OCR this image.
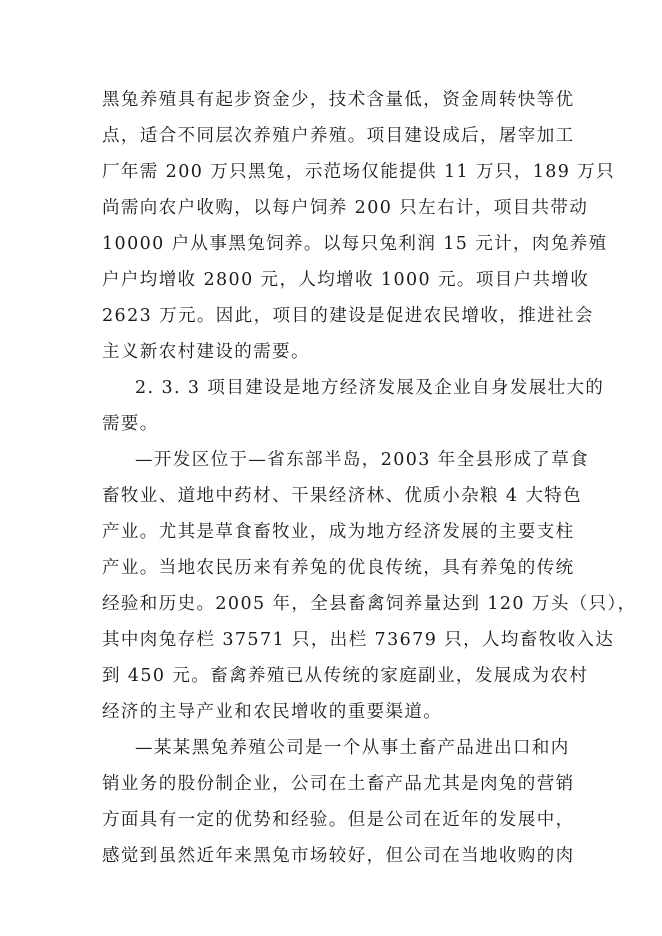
黑兔养殖具有起步资金少，技术含量低，资金周转快等优
点，适合不同层次养殖户养殖。项目建设成后，屠宰加工
厂年需 200 万只黑兔，示范场仅能提供 11 万只，189 万只
尚需向农户收购，以每户饲养 200 只左右计，项目共带动
10000 户从事黑兔饲养。以每只兔利润 15 元计，肉兔养殖
户户均增收 2800 元，人均增收 1000 元。项目户共增收
2623 万元。因此，项目的建设是促进农民增收，推进社会
主义新农村建设的需要。
2. 3. 3 项目建设是地方经济发展及企业自身发展壮大的
需要。
—开发区位于—省东部半岛，2003 年全县形成了草食
畜牧业、道地中药材、干果经济林、优质小杂粮 4 大特色
产业。尤其是草食畜牧业，成为地方经济发展的主要支柱
产业。当地农民历来有养兔的优良传统，具有养兔的传统
经验和历史。2005 年，全县畜禽饲养量达到 120 万头（只），
其中肉兔存栏 37571 只，出栏 73679 只，人均畜牧收入达
到 450 元。畜禽养殖已从传统的家庭副业，发展成为农村
经济的主导产业和农民增收的重要渠道。
—某某黑兔养殖公司是一个从事土畜产品进出口和内
销业务的股份制企业，公司在土畜产品尤其是肉兔的营销
方面具有一定的优势和经验。但是公司在近年的发展中，
感觉到虽然近年来黑兔市场较好，但公司在当地收购的肉
